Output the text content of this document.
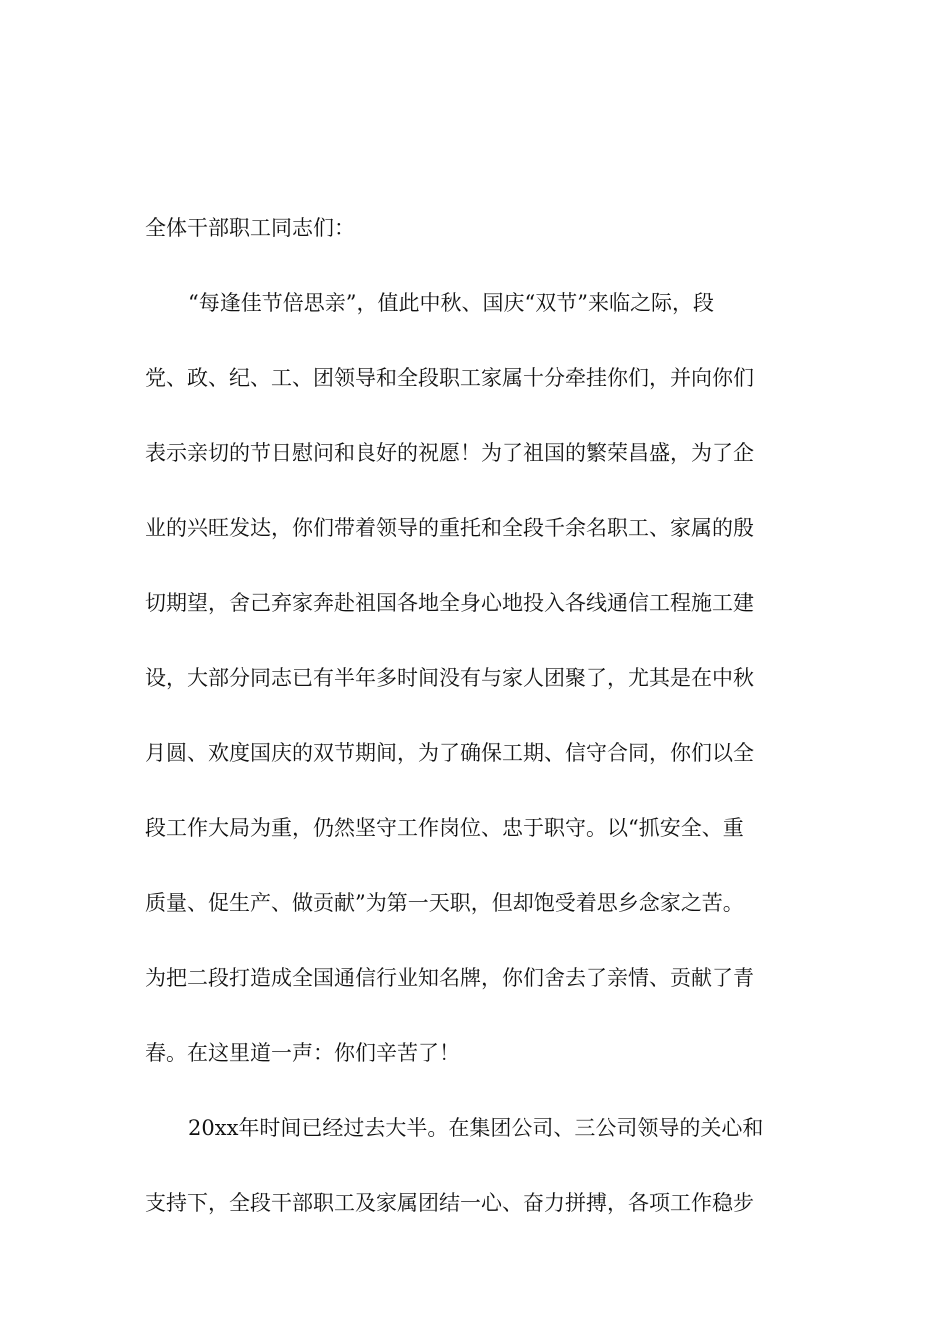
全体干部职工同志们：
“每逢佳节倍思亲”，值此中秋、国庆“双节”来临之际，段
党、政、纪、工、团领导和全段职工家属十分牵挂你们，并向你们
表示亲切的节日慰问和良好的祝愿！为了祖国的繁荣昌盛，为了企
业的兴旺发达，你们带着领导的重托和全段千余名职工、家属的殷
切期望，舍己弃家奔赴祖国各地全身心地投入各线通信工程施工建
设，大部分同志已有半年多时间没有与家人团聚了，尤其是在中秋
月圆、欢度国庆的双节期间，为了确保工期、信守合同，你们以全
段工作大局为重，仍然坚守工作岗位、忠于职守。以“抓安全、重
质量、促生产、做贡献”为第一天职，但却饱受着思乡念家之苦。
为把二段打造成全国通信行业知名牌，你们舍去了亲情、贡献了青
春。在这里道一声：你们辛苦了！
20xx年时间已经过去大半。在集团公司、三公司领导的关心和
支持下，全段干部职工及家属团结一心、奋力拼搏，各项工作稳步
